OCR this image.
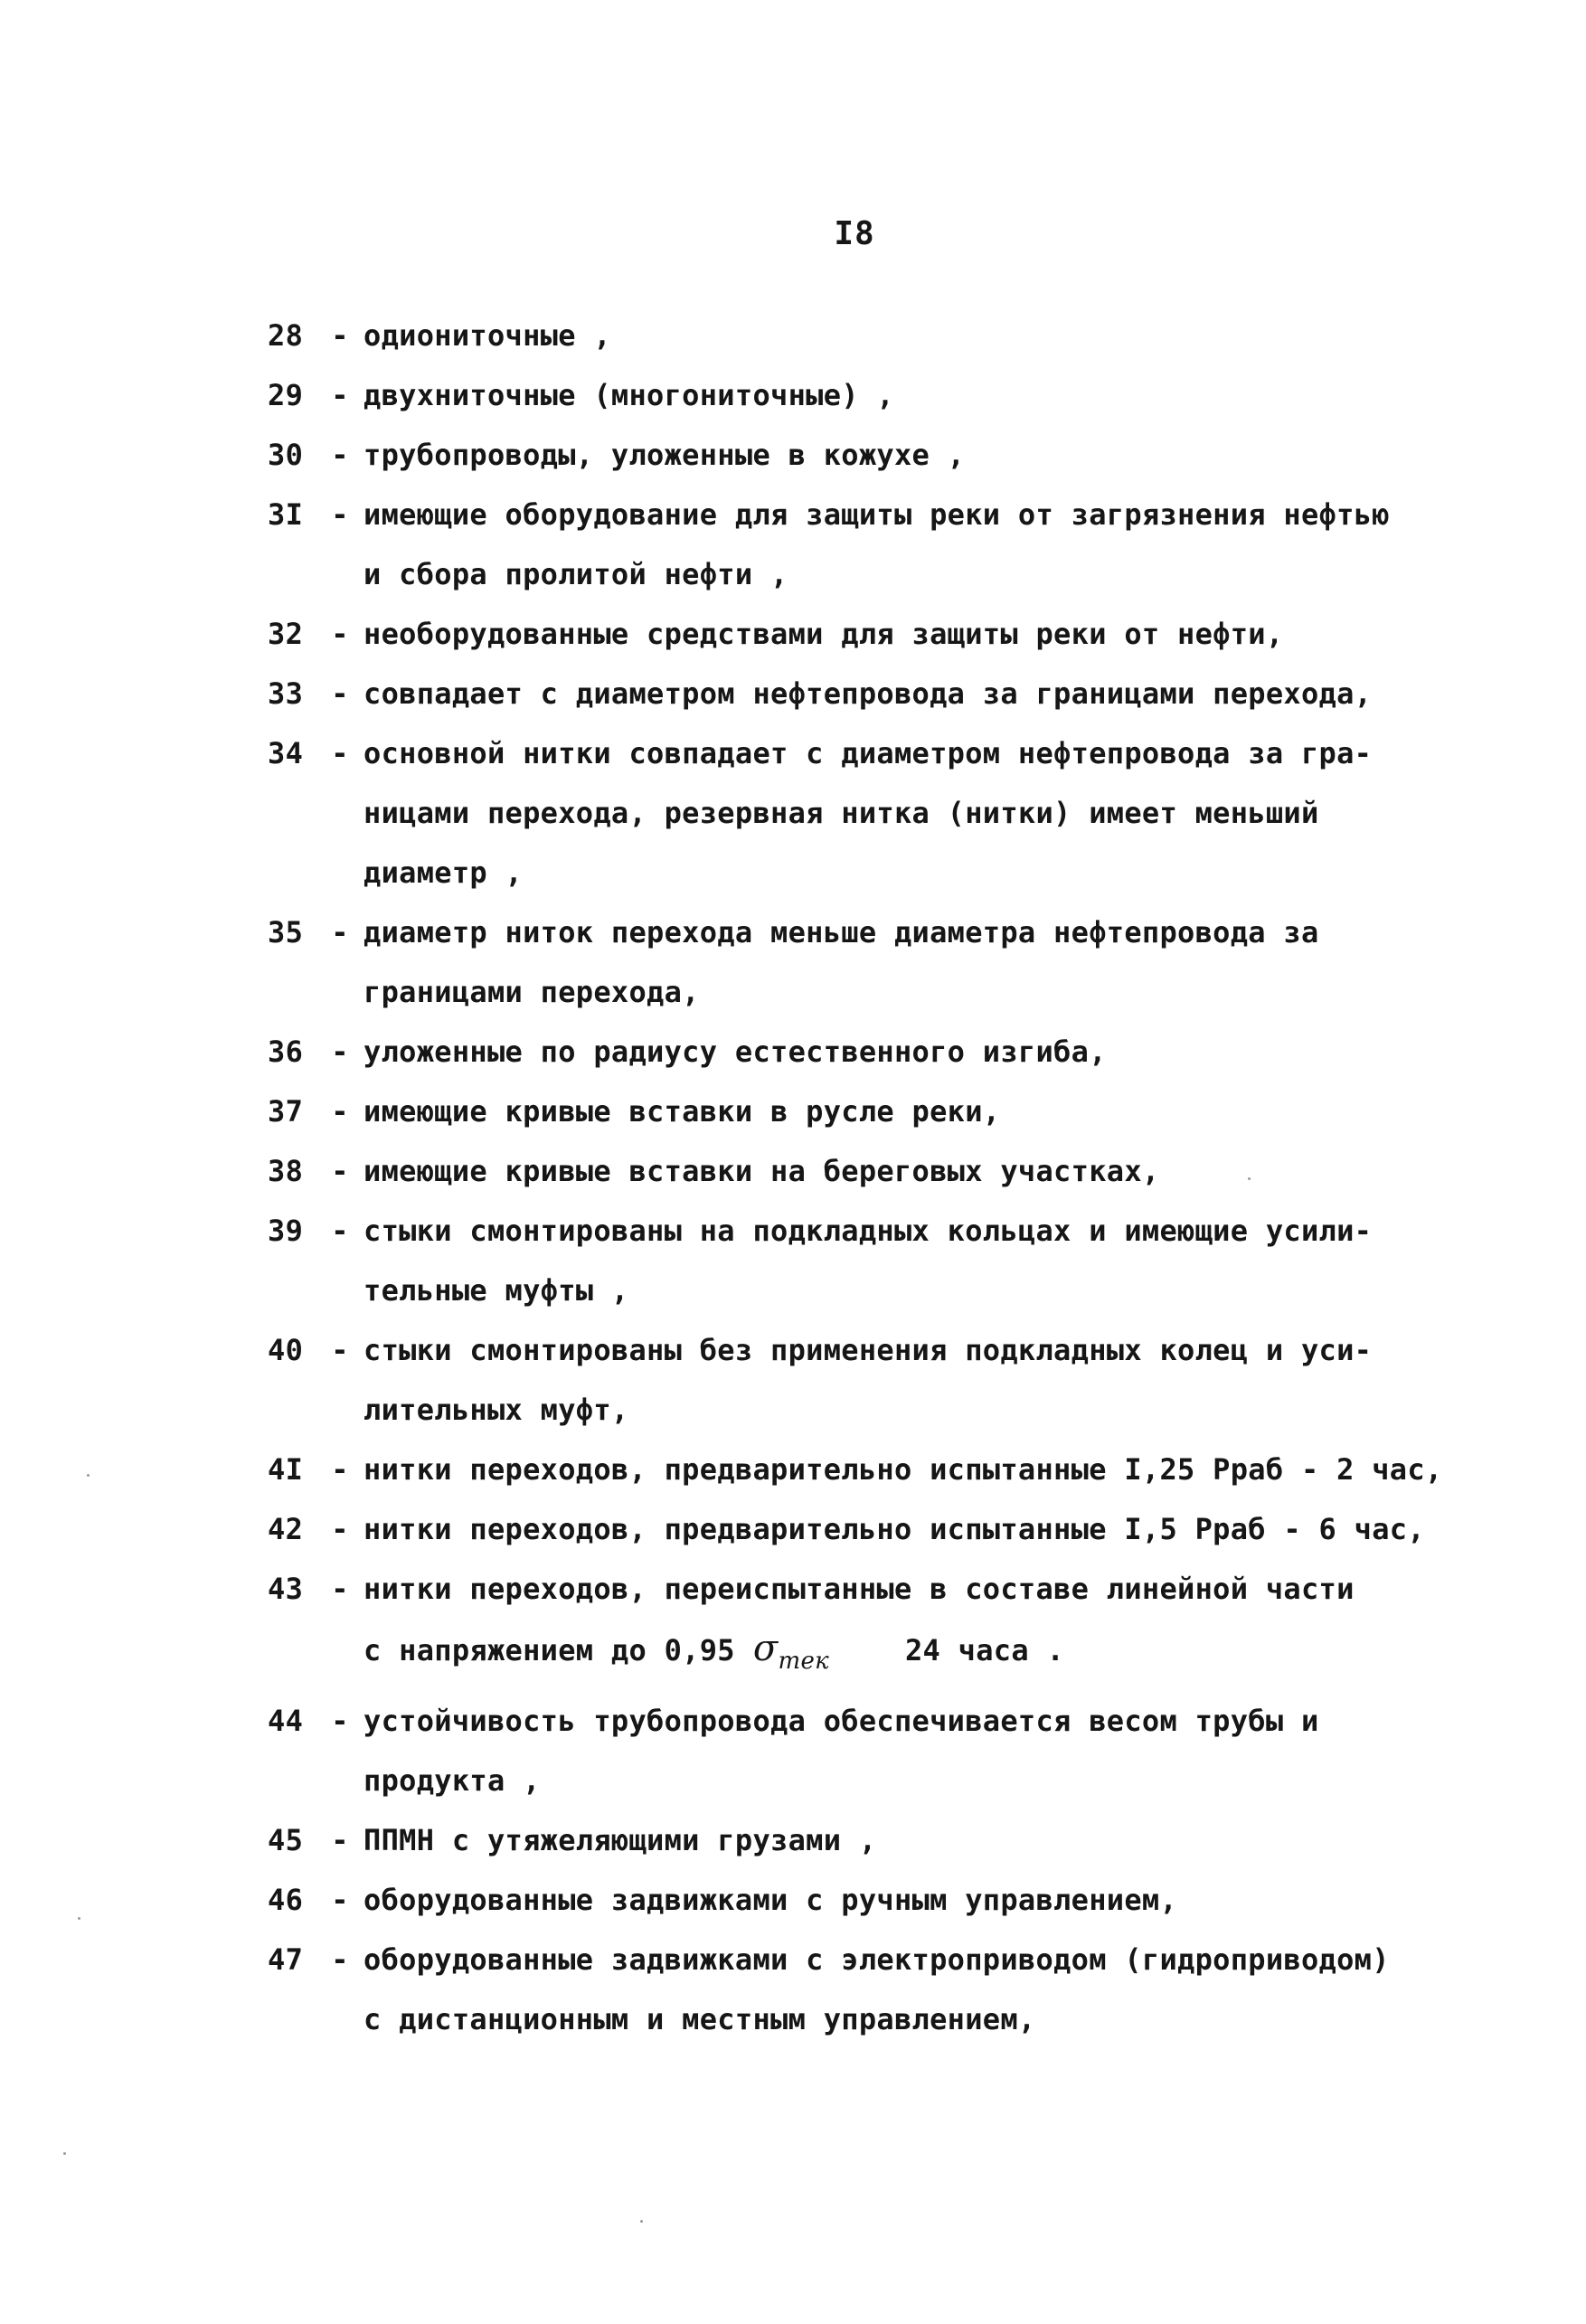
I8
28 - одиониточные ,
29 - двухниточные (многониточные) ,
30 - трубопроводы, уложенные в кожухе ,
3I - имеющие оборудование для защиты реки от загрязнения нефтью
и сбора пролитой нефти ,
32 - необорудованные средствами для защиты реки от нефти,
33 - совпадает с диаметром нефтепровода за границами перехода,
34 - основной нитки совпадает с диаметром нефтепровода за гра-
ницами перехода, резервная нитка (нитки) имеет меньший
диаметр ,
35 - диаметр ниток перехода меньше диаметра нефтепровода за
границами перехода,
36 - уложенные по радиусу естественного изгиба,
37 - имеющие кривые вставки в русле реки,
38 - имеющие кривые вставки на береговых участках,
39 - стыки смонтированы на подкладных кольцах и имеющие усили-
тельные муфты ,
40 - стыки смонтированы без применения подкладных колец и уси-
лительных муфт,
4I - нитки переходов, предварительно испытанные I,25 Рраб - 2 час,
42 - нитки переходов, предварительно испытанные I,5 Рраб - 6 час,
43 - нитки переходов, переиспытанные в составе линейной части
с напряжением до 0,95 $\sigma_{тек}$	24 часа .
44 - устойчивость трубопровода обеспечивается весом трубы и
продукта ,
45 - ППМН с утяжеляющими грузами ,
46 - оборудованные задвижками с ручным управлением,
47 - оборудованные задвижками с электроприводом (гидроприводом)
с дистанционным и местным управлением,
